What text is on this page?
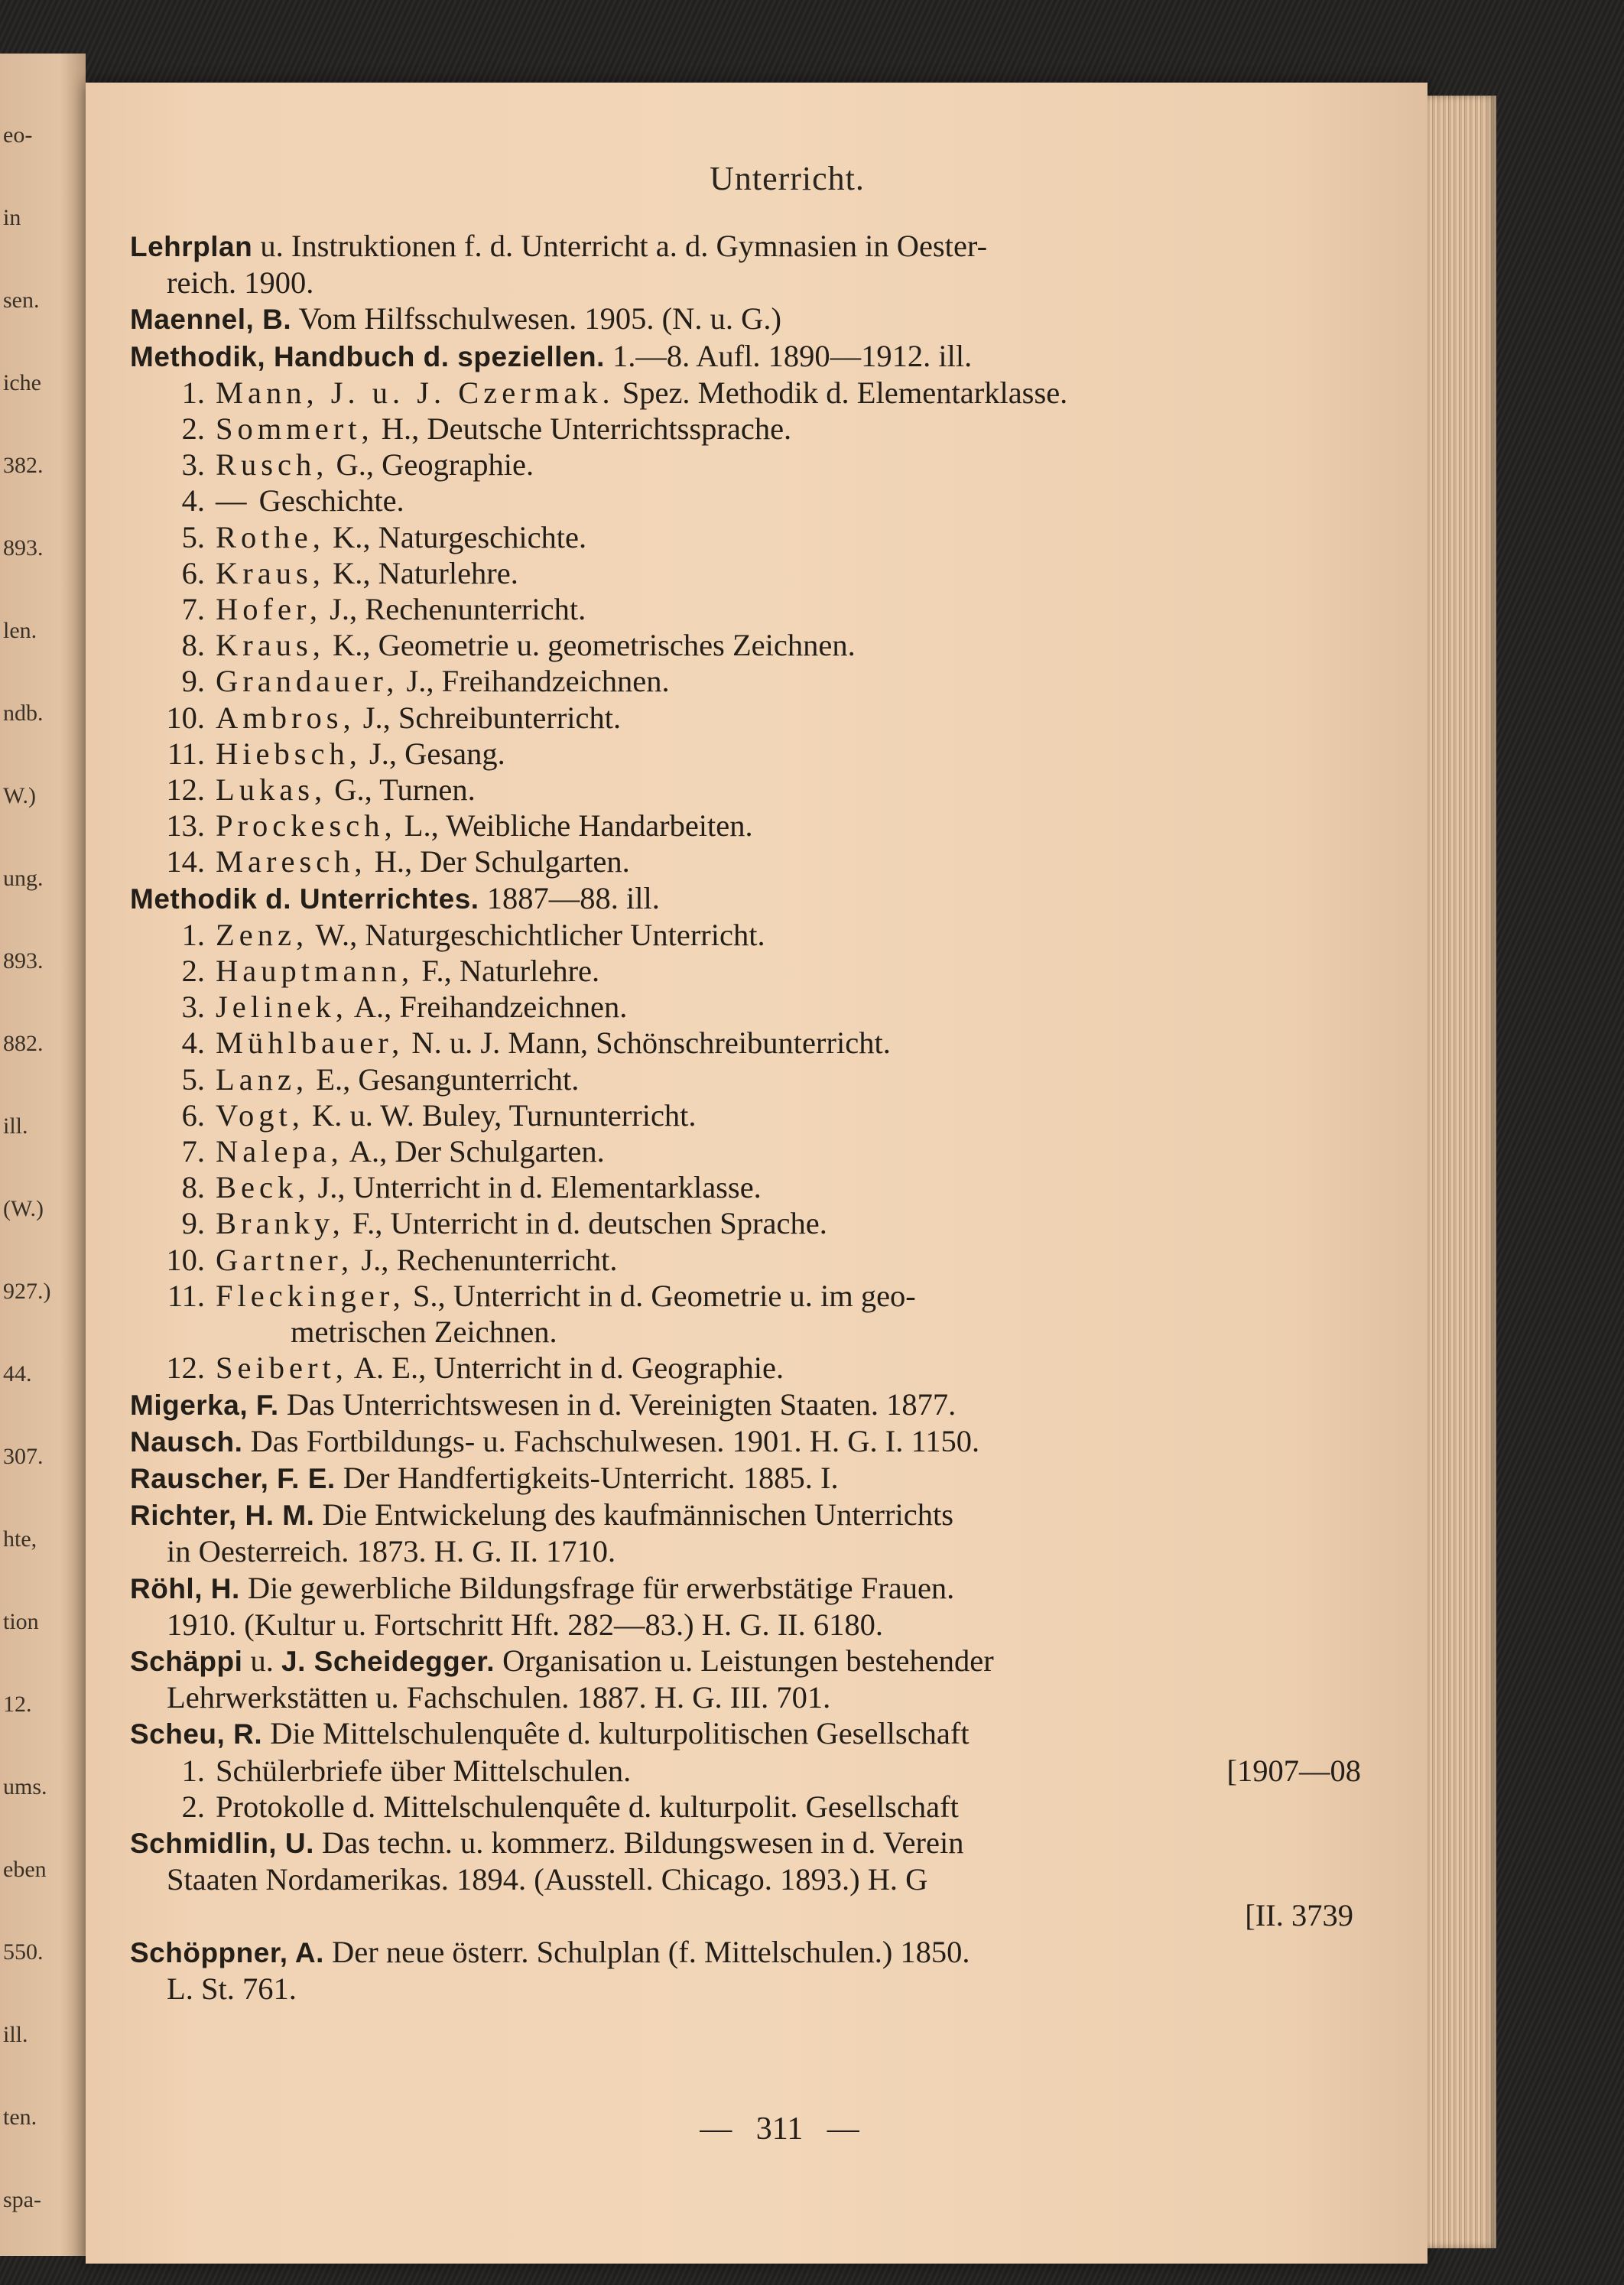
eo-
in
sen.
iche
382.
893.
len.
ndb.
W.)
ung.
893.
882.
ill.
(W.)
927.)
44.
307.
hte,
tion
12.
ums.
eben
550.
ill.
ten.
spa-
Unterricht.
Lehrplan u. Instruktionen f. d. Unterricht a. d. Gymnasien in Oester-
reich. 1900.
Maennel, B. Vom Hilfsschulwesen. 1905. (N. u. G.)
Methodik, Handbuch d. speziellen. 1.—8. Aufl. 1890—1912. ill.
1. Mann, J. u. J. Czermak. Spez. Methodik d. Elementarklasse.
2. Sommert, H., Deutsche Unterrichtssprache.
3. Rusch, G., Geographie.
4. — Geschichte.
5. Rothe, K., Naturgeschichte.
6. Kraus, K., Naturlehre.
7. Hofer, J., Rechenunterricht.
8. Kraus, K., Geometrie u. geometrisches Zeichnen.
9. Grandauer, J., Freihandzeichnen.
10. Ambros, J., Schreibunterricht.
11. Hiebsch, J., Gesang.
12. Lukas, G., Turnen.
13. Prockesch, L., Weibliche Handarbeiten.
14. Maresch, H., Der Schulgarten.
Methodik d. Unterrichtes. 1887—88. ill.
1. Zenz, W., Naturgeschichtlicher Unterricht.
2. Hauptmann, F., Naturlehre.
3. Jelinek, A., Freihandzeichnen.
4. Mühlbauer, N. u. J. Mann, Schönschreibunterricht.
5. Lanz, E., Gesangunterricht.
6. Vogt, K. u. W. Buley, Turnunterricht.
7. Nalepa, A., Der Schulgarten.
8. Beck, J., Unterricht in d. Elementarklasse.
9. Branky, F., Unterricht in d. deutschen Sprache.
10. Gartner, J., Rechenunterricht.
11. Fleckinger, S., Unterricht in d. Geometrie u. im geo-
metrischen Zeichnen.
12. Seibert, A. E., Unterricht in d. Geographie.
Migerka, F. Das Unterrichtswesen in d. Vereinigten Staaten. 1877.
Nausch. Das Fortbildungs- u. Fachschulwesen. 1901. H. G. I. 1150.
Rauscher, F. E. Der Handfertigkeits-Unterricht. 1885. I.
Richter, H. M. Die Entwickelung des kaufmännischen Unterrichts
in Oesterreich. 1873. H. G. II. 1710.
Röhl, H. Die gewerbliche Bildungsfrage für erwerbstätige Frauen.
1910. (Kultur u. Fortschritt Hft. 282—83.) H. G. II. 6180.
Schäppi u. J. Scheidegger. Organisation u. Leistungen bestehender
Lehrwerkstätten u. Fachschulen. 1887. H. G. III. 701.
Scheu, R. Die Mittelschulenquête d. kulturpolitischen Gesellschaft
1. Schülerbriefe über Mittelschulen.	[1907—08
2. Protokolle d. Mittelschulenquête d. kulturpolit. Gesellschaft
Schmidlin, U. Das techn. u. kommerz. Bildungswesen in d. Verein
Staaten Nordamerikas. 1894. (Ausstell. Chicago. 1893.) H. G
[II. 3739
Schöppner, A. Der neue österr. Schulplan (f. Mittelschulen.) 1850.
L. St. 761.
—   311   —
